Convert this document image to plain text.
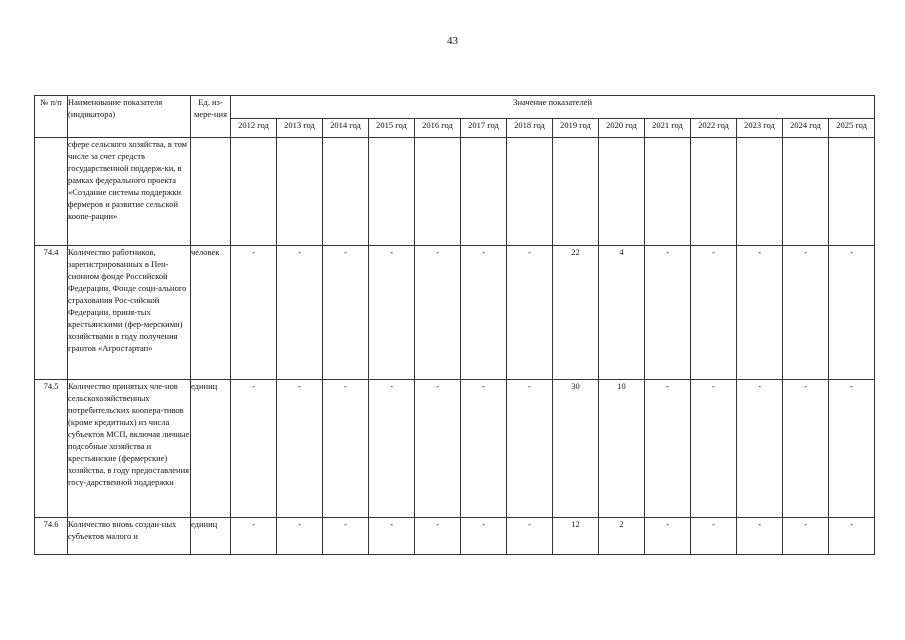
43
№ п/п	Наименование показателя (индикатора)	Ед. из-мере-ния	Значение показателей													
			2012 год	2013 год	2014 год	2015 год	2016 год	2017 год	2018 год	2019 год	2020 год	2021 год	2022 год	2023 год	2024 год	2025 год
	сфере сельского хозяйства, в том числе за счет средств государственной поддерж-ки, в рамках федерального проекта «Создание системы поддержки фермеров и развитие сельской коопе-рации»															
74.4	Количество работников, зарегистрированных в Пен-сионном фонде Российской Федерации, Фонде соци-ального страхования Рос-сийской Федерации, приня-тых крестьянскими (фер-мерскими) хозяйствами в году получения грантов «Агростартап»	человек	-	-	-	-	-	-	-	22	4	-	-	-	-	-
74.5	Количество принятых чле-нов сельскохозяйственных потребительских коопера-тивов (кроме кредитных) из числа субъектов МСП, включая личные подсобные хозяйства и крестьянские (фермерские) хозяйства, в году предоставления госу-дарственной поддержки	единиц	-	-	-	-	-	-	-	30	10	-	-	-	-	-
74.6	Количество вновь создан-ных субъектов малого и	единиц	-	-	-	-	-	-	-	12	2	-	-	-	-	-
